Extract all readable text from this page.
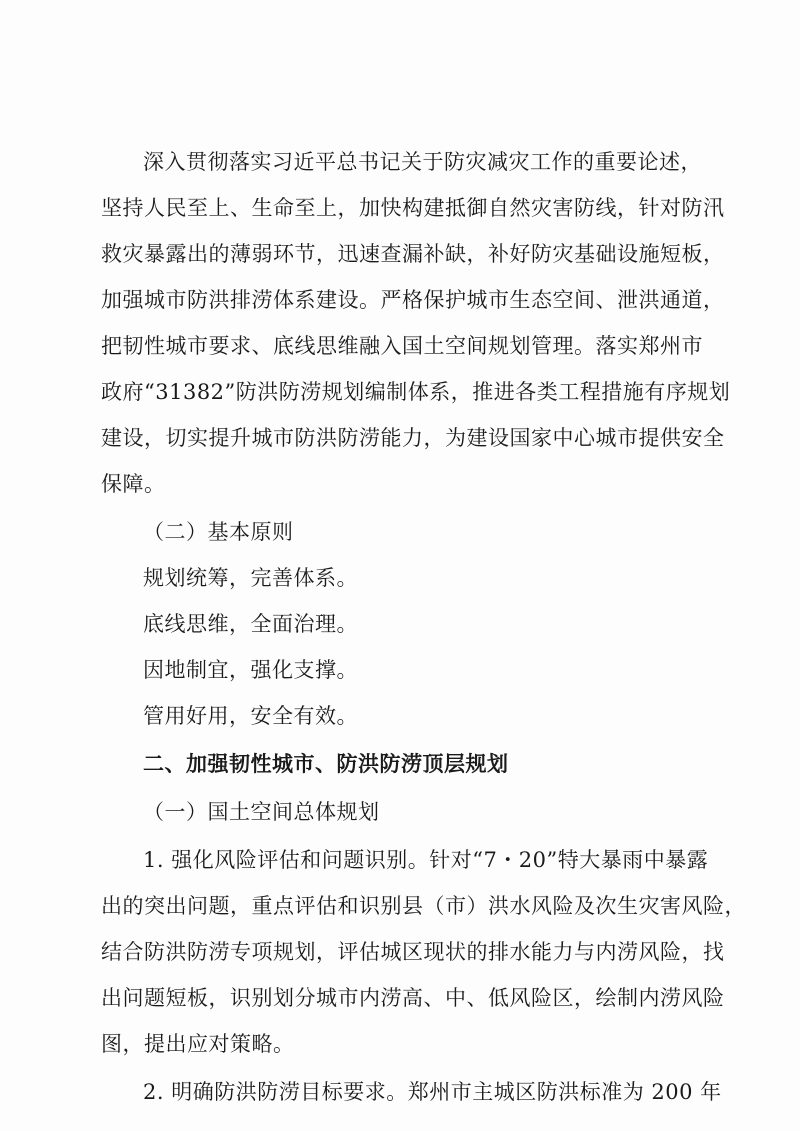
深入贯彻落实习近平总书记关于防灾减灾工作的重要论述，
坚持人民至上、生命至上，加快构建抵御自然灾害防线，针对防汛
救灾暴露出的薄弱环节，迅速查漏补缺，补好防灾基础设施短板，
加强城市防洪排涝体系建设。严格保护城市生态空间、泄洪通道，
把韧性城市要求、底线思维融入国土空间规划管理。落实郑州市
政府“31382”防洪防涝规划编制体系，推进各类工程措施有序规划
建设，切实提升城市防洪防涝能力，为建设国家中心城市提供安全
保障。
（二）基本原则
规划统筹，完善体系。
底线思维，全面治理。
因地制宜，强化支撑。
管用好用，安全有效。
二、加强韧性城市、防洪防涝顶层规划
（一）国土空间总体规划
1. 强化风险评估和问题识别。针对“7・20”特大暴雨中暴露
出的突出问题，重点评估和识别县（市）洪水风险及次生灾害风险，
结合防洪防涝专项规划，评估城区现状的排水能力与内涝风险，找
出问题短板，识别划分城市内涝高、中、低风险区，绘制内涝风险
图，提出应对策略。
2. 明确防洪防涝目标要求。郑州市主城区防洪标准为 200 年
